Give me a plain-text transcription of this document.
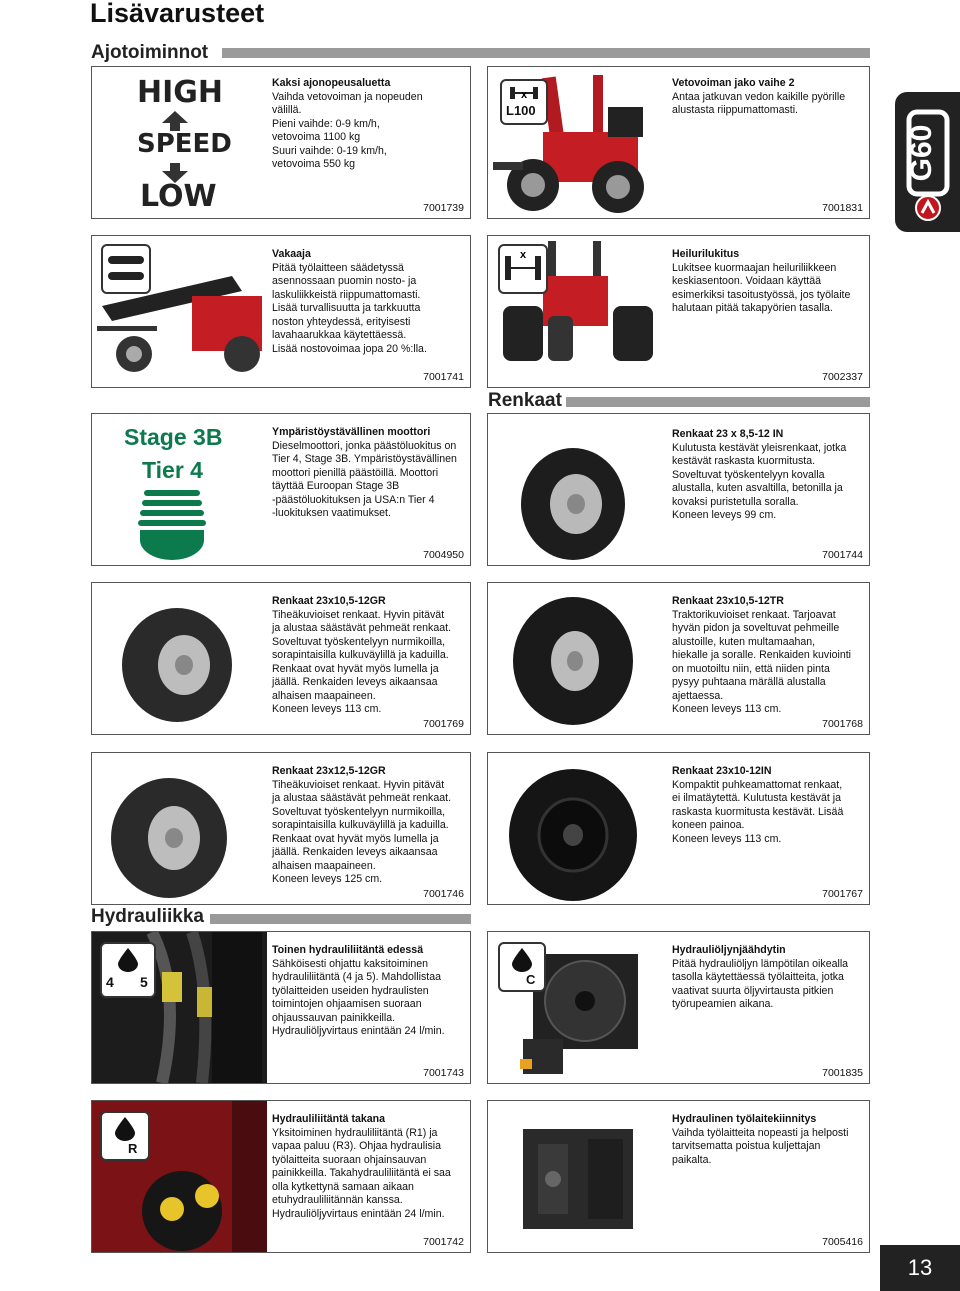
Lisävarusteet
G60
Ajotoiminnot
HIGH
SPEED
LOW
Kaksi ajonopeusaluetta
Vaihda vetovoiman ja nopeuden
välillä.
Pieni vaihde: 0-9 km/h,
vetovoima 1100 kg
Suuri vaihde: 0-19 km/h,
vetovoima 550 kg
7001739
x
L100
Vetovoiman jako vaihe 2
Antaa jatkuvan vedon kaikille pyörille
alustasta riippumattomasti.
7001831
Vakaaja
Pitää työlaitteen säädetyssä
asennossaan puomin nosto- ja
laskuliikkeistä riippumattomasti.
Lisää turvallisuutta ja tarkkuutta
noston yhteydessä, erityisesti
lavahaarukkaa käytettäessä.
Lisää nostovoimaa jopa 20 %:lla.
7001741
x	Heilurilukitus
Lukitsee kuormaajan heiluriliikkeen
keskiasentoon. Voidaan käyttää
esimerkiksi tasoitustyössä, jos työlaite
halutaan pitää takapyörien tasalla.
7002337
Renkaat
Stage 3B
Tier 4
Ympäristöystävällinen moottori
Dieselmoottori, jonka päästöluokitus on
Tier 4, Stage 3B. Ympäristöystävällinen
moottori pienillä päästöillä. Moottori
täyttää Euroopan Stage 3B
-päästöluokituksen ja USA:n Tier 4
-luokituksen vaatimukset.
7004950
Renkaat 23 x 8,5-12 IN
Kulutusta kestävät yleisrenkaat, jotka
kestävät raskasta kuormitusta.
Soveltuvat työskentelyyn kovalla
alustalla, kuten asvaltilla, betonilla ja
kovaksi puristetulla soralla.
Koneen leveys 99 cm.
7001744
Renkaat 23x10,5-12GR
Tiheäkuvioiset renkaat. Hyvin pitävät
ja alustaa säästävät pehmeät renkaat.
Soveltuvat työskentelyyn nurmikoilla,
sorapintaisilla kulkuväylillä ja kaduilla.
Renkaat ovat hyvät myös lumella ja
jäällä. Renkaiden leveys aikaansaa
alhaisen maapaineen.
Koneen leveys 113 cm.
7001769
Renkaat 23x10,5-12TR
Traktorikuvioiset renkaat. Tarjoavat
hyvän pidon ja soveltuvat pehmeille
alustoille, kuten multamaahan,
hiekalle ja soralle. Renkaiden kuviointi
on muotoiltu niin, että niiden pinta
pysyy puhtaana märällä alustalla
ajettaessa.
Koneen leveys 113 cm.
7001768
Renkaat 23x12,5-12GR
Tiheäkuvioiset renkaat. Hyvin pitävät
ja alustaa säästävät pehmeät renkaat.
Soveltuvat työskentelyyn nurmikoilla,
sorapintaisilla kulkuväylillä ja kaduilla.
Renkaat ovat hyvät myös lumella ja
jäällä. Renkaiden leveys aikaansaa
alhaisen maapaineen.
Koneen leveys 125 cm.
7001746
Renkaat 23x10-12IN
Kompaktit puhkeamattomat renkaat,
ei ilmatäytettä. Kulutusta kestävät ja
raskasta kuormitusta kestävät. Lisää
koneen painoa.
Koneen leveys 113 cm.
7001767
Hydrauliikka
4 5
Toinen hydrauliliitäntä edessä
Sähköisesti ohjattu kaksitoiminen
hydrauliliitäntä (4 ja 5). Mahdollistaa
työlaitteiden useiden hydraulisten
toimintojen ohjaamisen suoraan
ohjaussauvan painikkeilla.
Hydrauliöljyvirtaus enintään 24 l/min.
7001743
C
Hydrauliöljynjäähdytin
Pitää hydrauliöljyn lämpötilan oikealla
tasolla käytettäessä työlaitteita, jotka
vaativat suurta öljyvirtausta pitkien
työrupeamien aikana.
7001835
R
Hydrauliliitäntä takana
Yksitoiminen hydrauliliitäntä (R1) ja
vapaa paluu (R3). Ohjaa hydraulisia
työlaitteita suoraan ohjainsauvan
painikkeilla. Takahydrauliliitäntä ei saa
olla kytkettynä samaan aikaan
etuhydrauliliitännän kanssa.
Hydrauliöljyvirtaus enintään 24 l/min.
7001742
Hydraulinen työlaitekiinnitys
Vaihda työlaitteita nopeasti ja helposti
tarvitsematta poistua kuljettajan
paikalta.
7005416
13
